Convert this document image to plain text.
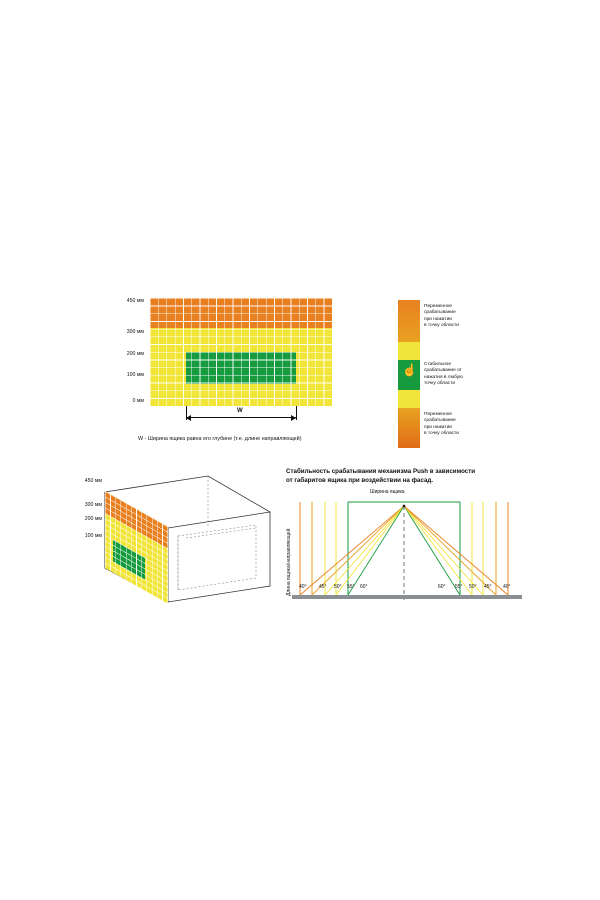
450 мм
300 мм
200 мм
100 мм
0 мм
W
W - Ширина ящика равна его глубине (т.е. длине направляющей)
☝
Переменное
срабатывание
при нажатии
в точку области
Стабильное
срабатывание от
нажатия в любую
точку области
Переменное
срабатывание
при нажатии
в точку области
450 мм
300 мм
200 мм
100 мм
Стабильность срабатывания механизма Push в зависимости
от габаритов ящика при воздействии на фасад.
Ширина ящика
Длина ящика/направляющей 40° 45° 50° 55° 60°	60° 55° 50° 45° 40°
